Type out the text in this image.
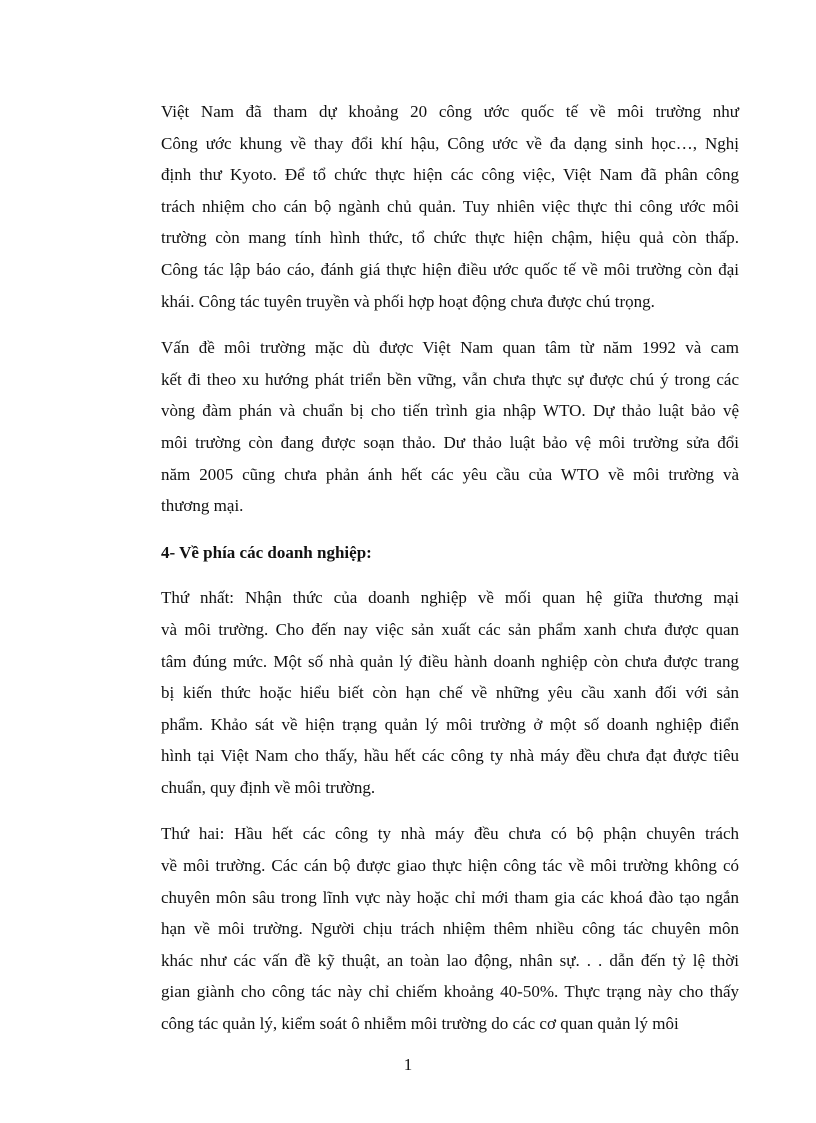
Việt Nam đã tham dự khoảng 20 công ước quốc tế về môi trường như
Công ước khung về thay đổi khí hậu, Công ước về đa dạng sinh học…, Nghị
định thư Kyoto. Để tổ chức thực hiện các công việc, Việt Nam đã phân công
trách nhiệm cho cán bộ ngành chủ quản. Tuy nhiên việc thực thi công ước môi
trường còn mang tính hình thức, tổ chức thực hiện chậm, hiệu quả còn thấp.
Công tác lập báo cáo, đánh giá thực hiện điều ước quốc tế về môi trường còn đại
khái. Công tác tuyên truyền và phối hợp hoạt động chưa được chú trọng.
Vấn đề môi trường mặc dù được Việt Nam quan tâm từ năm 1992 và cam
kết đi theo xu hướng phát triển bền vững, vẫn chưa thực sự được chú ý trong các
vòng đàm phán và chuẩn bị cho tiến trình gia nhập WTO. Dự thảo luật bảo vệ
môi trường còn đang được soạn thảo. Dư thảo luật bảo vệ môi trường sửa đổi
năm 2005 cũng chưa phản ánh hết các yêu cầu của WTO về môi trường và
thương mại.
4- Về phía các doanh nghiệp:
Thứ nhất: Nhận thức của doanh nghiệp về mối quan hệ giữa thương mại
và môi trường. Cho đến nay việc sản xuất các sản phẩm xanh chưa được quan
tâm đúng mức. Một số nhà quản lý điều hành doanh nghiệp còn chưa được trang
bị kiến thức hoặc hiểu biết còn hạn chế về những yêu cầu xanh đối với sản
phẩm. Khảo sát về hiện trạng quản lý môi trường ở một số doanh nghiệp điển
hình tại Việt Nam cho thấy, hầu hết các công ty nhà máy đều chưa đạt được tiêu
chuẩn, quy định về môi trường.
Thứ hai: Hầu hết các công ty nhà máy đều chưa có bộ phận chuyên trách
về môi trường. Các cán bộ được giao thực hiện công tác về môi trường không có
chuyên môn sâu trong lĩnh vực này hoặc chỉ mới tham gia các khoá đào tạo ngắn
hạn về môi trường. Người chịu trách nhiệm thêm nhiều công tác chuyên môn
khác như các vấn đề kỹ thuật, an toàn lao động, nhân sự. . . dẫn đến tỷ lệ thời
gian giành cho công tác này chỉ chiếm khoảng 40-50%. Thực trạng này cho thấy
công tác quản lý, kiểm soát ô nhiễm môi trường do các cơ quan quản lý môi
1
